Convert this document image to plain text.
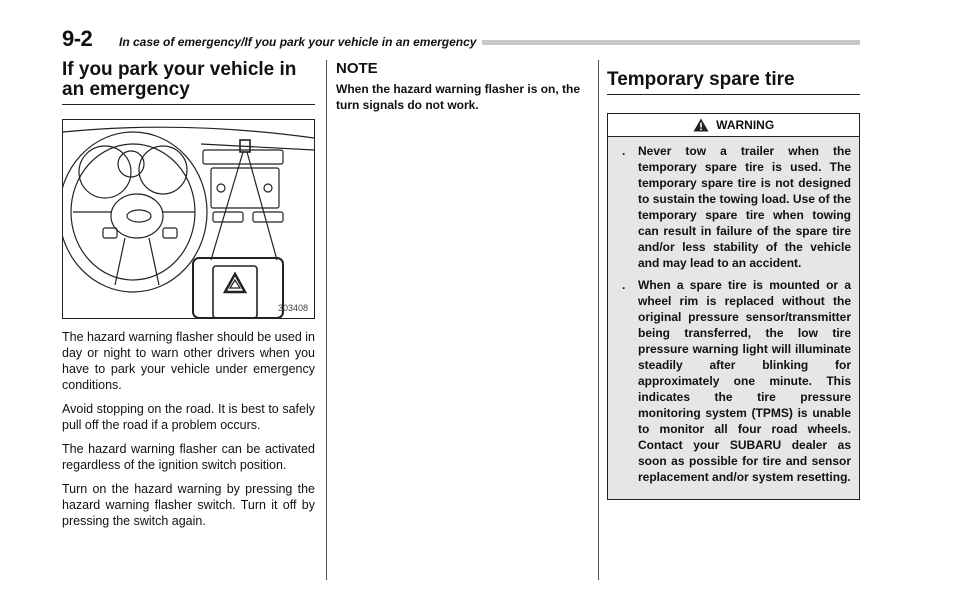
9-2 In case of emergency/If you park your vehicle in an emergency
If you park your vehicle in an emergency
303408

The hazard warning flasher should be used in day or night to warn other drivers when you have to park your vehicle under emergency conditions.

Avoid stopping on the road. It is best to safely pull off the road if a problem occurs.

The hazard warning flasher can be activated regardless of the ignition switch position.

Turn on the hazard warning by pressing the hazard warning flasher switch. Turn it off by pressing the switch again.

NOTE

When the hazard warning flasher is on, the turn signals do not work.

Temporary spare tire
WARNING
. Never tow a trailer when the temporary spare tire is used. The temporary spare tire is not designed to sustain the towing load. Use of the temporary spare tire when towing can result in failure of the spare tire and/or less stability of the vehicle and may lead to an accident.
. When a spare tire is mounted or a wheel rim is replaced without the original pressure sensor/transmitter being transferred, the low tire pressure warning light will illuminate steadily after blinking for approximately one minute. This indicates the tire pressure monitoring system (TPMS) is unable to monitor all four road wheels. Contact your SUBARU dealer as soon as possible for tire and sensor replacement and/or system resetting.
